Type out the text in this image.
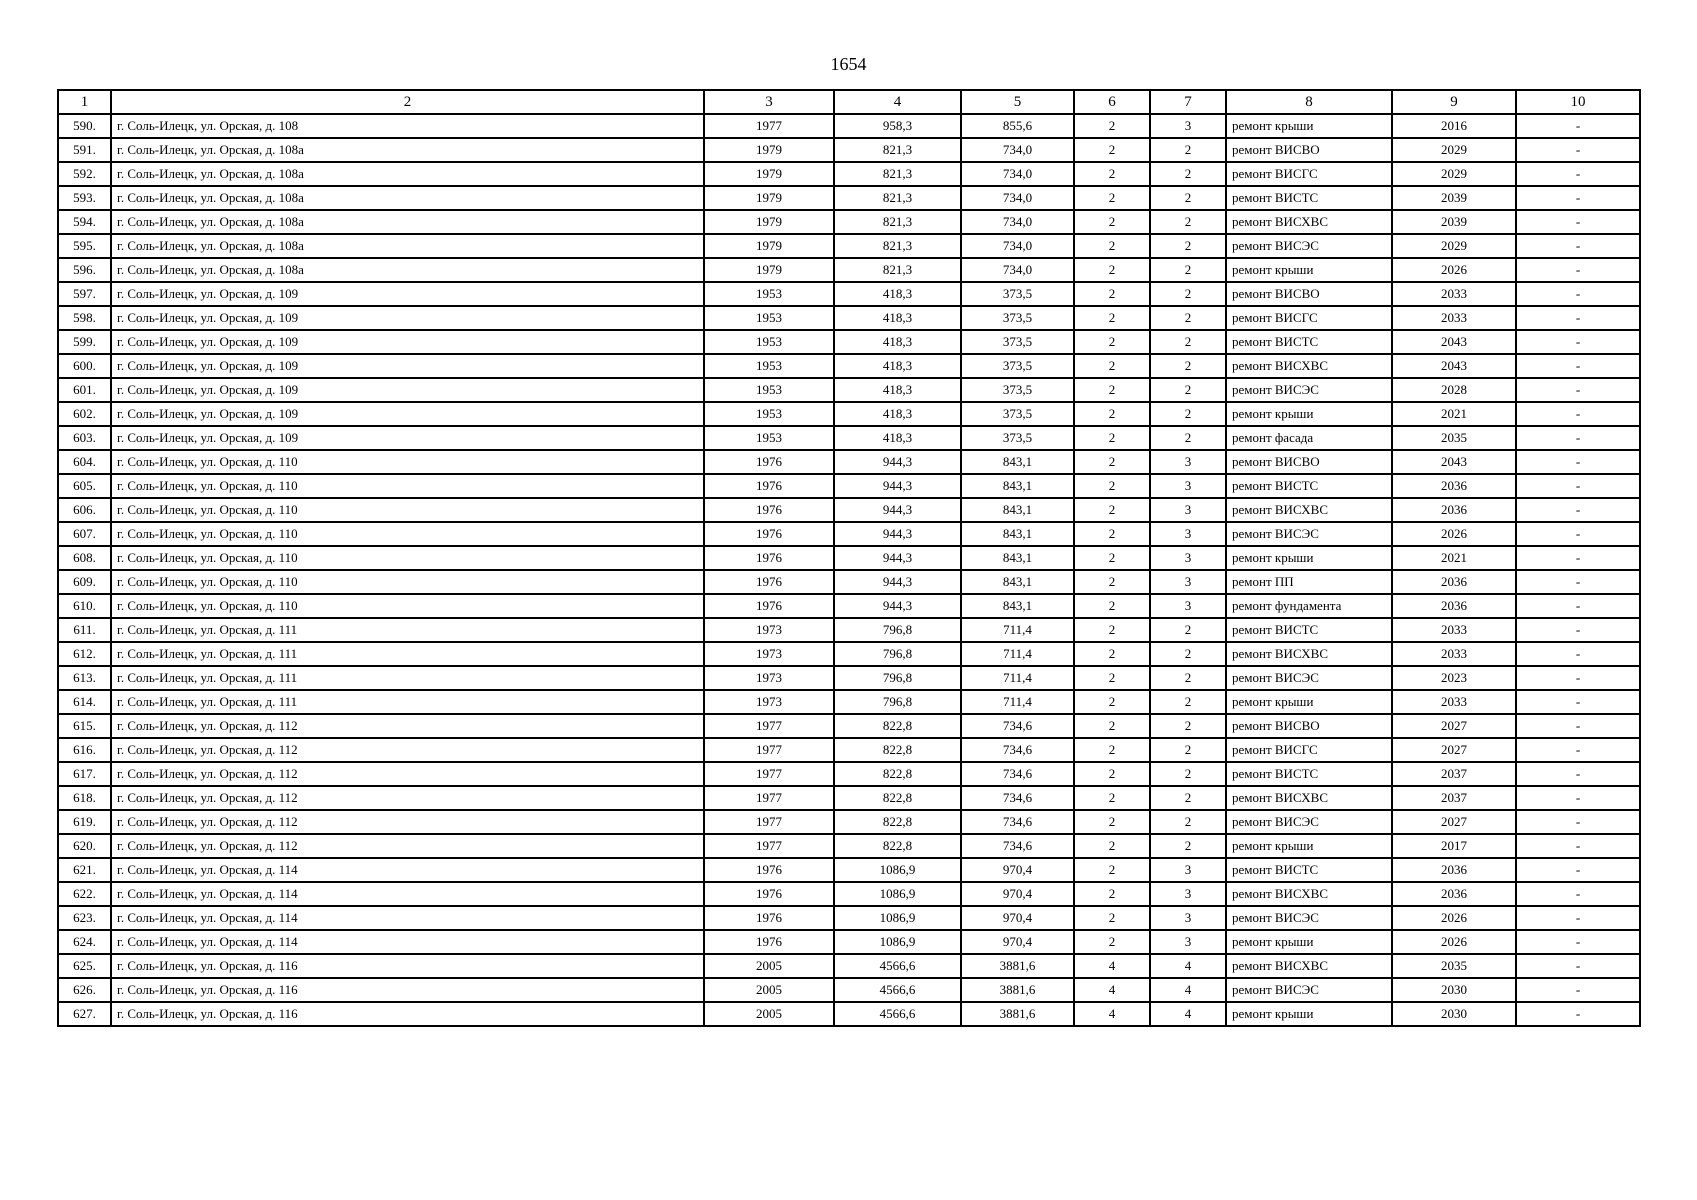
1654
1	2	3	4	5	6	7	8	9	10
590.	г. Соль-Илецк, ул. Орская, д. 108	1977	958,3	855,6	2	3	ремонт крыши	2016	-
591.	г. Соль-Илецк, ул. Орская, д. 108а	1979	821,3	734,0	2	2	ремонт ВИСВО	2029	-
592.	г. Соль-Илецк, ул. Орская, д. 108а	1979	821,3	734,0	2	2	ремонт ВИСГС	2029	-
593.	г. Соль-Илецк, ул. Орская, д. 108а	1979	821,3	734,0	2	2	ремонт ВИСТС	2039	-
594.	г. Соль-Илецк, ул. Орская, д. 108а	1979	821,3	734,0	2	2	ремонт ВИСХВС	2039	-
595.	г. Соль-Илецк, ул. Орская, д. 108а	1979	821,3	734,0	2	2	ремонт ВИСЭС	2029	-
596.	г. Соль-Илецк, ул. Орская, д. 108а	1979	821,3	734,0	2	2	ремонт крыши	2026	-
597.	г. Соль-Илецк, ул. Орская, д. 109	1953	418,3	373,5	2	2	ремонт ВИСВО	2033	-
598.	г. Соль-Илецк, ул. Орская, д. 109	1953	418,3	373,5	2	2	ремонт ВИСГС	2033	-
599.	г. Соль-Илецк, ул. Орская, д. 109	1953	418,3	373,5	2	2	ремонт ВИСТС	2043	-
600.	г. Соль-Илецк, ул. Орская, д. 109	1953	418,3	373,5	2	2	ремонт ВИСХВС	2043	-
601.	г. Соль-Илецк, ул. Орская, д. 109	1953	418,3	373,5	2	2	ремонт ВИСЭС	2028	-
602.	г. Соль-Илецк, ул. Орская, д. 109	1953	418,3	373,5	2	2	ремонт крыши	2021	-
603.	г. Соль-Илецк, ул. Орская, д. 109	1953	418,3	373,5	2	2	ремонт фасада	2035	-
604.	г. Соль-Илецк, ул. Орская, д. 110	1976	944,3	843,1	2	3	ремонт ВИСВО	2043	-
605.	г. Соль-Илецк, ул. Орская, д. 110	1976	944,3	843,1	2	3	ремонт ВИСТС	2036	-
606.	г. Соль-Илецк, ул. Орская, д. 110	1976	944,3	843,1	2	3	ремонт ВИСХВС	2036	-
607.	г. Соль-Илецк, ул. Орская, д. 110	1976	944,3	843,1	2	3	ремонт ВИСЭС	2026	-
608.	г. Соль-Илецк, ул. Орская, д. 110	1976	944,3	843,1	2	3	ремонт крыши	2021	-
609.	г. Соль-Илецк, ул. Орская, д. 110	1976	944,3	843,1	2	3	ремонт ПП	2036	-
610.	г. Соль-Илецк, ул. Орская, д. 110	1976	944,3	843,1	2	3	ремонт фундамента	2036	-
611.	г. Соль-Илецк, ул. Орская, д. 111	1973	796,8	711,4	2	2	ремонт ВИСТС	2033	-
612.	г. Соль-Илецк, ул. Орская, д. 111	1973	796,8	711,4	2	2	ремонт ВИСХВС	2033	-
613.	г. Соль-Илецк, ул. Орская, д. 111	1973	796,8	711,4	2	2	ремонт ВИСЭС	2023	-
614.	г. Соль-Илецк, ул. Орская, д. 111	1973	796,8	711,4	2	2	ремонт крыши	2033	-
615.	г. Соль-Илецк, ул. Орская, д. 112	1977	822,8	734,6	2	2	ремонт ВИСВО	2027	-
616.	г. Соль-Илецк, ул. Орская, д. 112	1977	822,8	734,6	2	2	ремонт ВИСГС	2027	-
617.	г. Соль-Илецк, ул. Орская, д. 112	1977	822,8	734,6	2	2	ремонт ВИСТС	2037	-
618.	г. Соль-Илецк, ул. Орская, д. 112	1977	822,8	734,6	2	2	ремонт ВИСХВС	2037	-
619.	г. Соль-Илецк, ул. Орская, д. 112	1977	822,8	734,6	2	2	ремонт ВИСЭС	2027	-
620.	г. Соль-Илецк, ул. Орская, д. 112	1977	822,8	734,6	2	2	ремонт крыши	2017	-
621.	г. Соль-Илецк, ул. Орская, д. 114	1976	1086,9	970,4	2	3	ремонт ВИСТС	2036	-
622.	г. Соль-Илецк, ул. Орская, д. 114	1976	1086,9	970,4	2	3	ремонт ВИСХВС	2036	-
623.	г. Соль-Илецк, ул. Орская, д. 114	1976	1086,9	970,4	2	3	ремонт ВИСЭС	2026	-
624.	г. Соль-Илецк, ул. Орская, д. 114	1976	1086,9	970,4	2	3	ремонт крыши	2026	-
625.	г. Соль-Илецк, ул. Орская, д. 116	2005	4566,6	3881,6	4	4	ремонт ВИСХВС	2035	-
626.	г. Соль-Илецк, ул. Орская, д. 116	2005	4566,6	3881,6	4	4	ремонт ВИСЭС	2030	-
627.	г. Соль-Илецк, ул. Орская, д. 116	2005	4566,6	3881,6	4	4	ремонт крыши	2030	-
